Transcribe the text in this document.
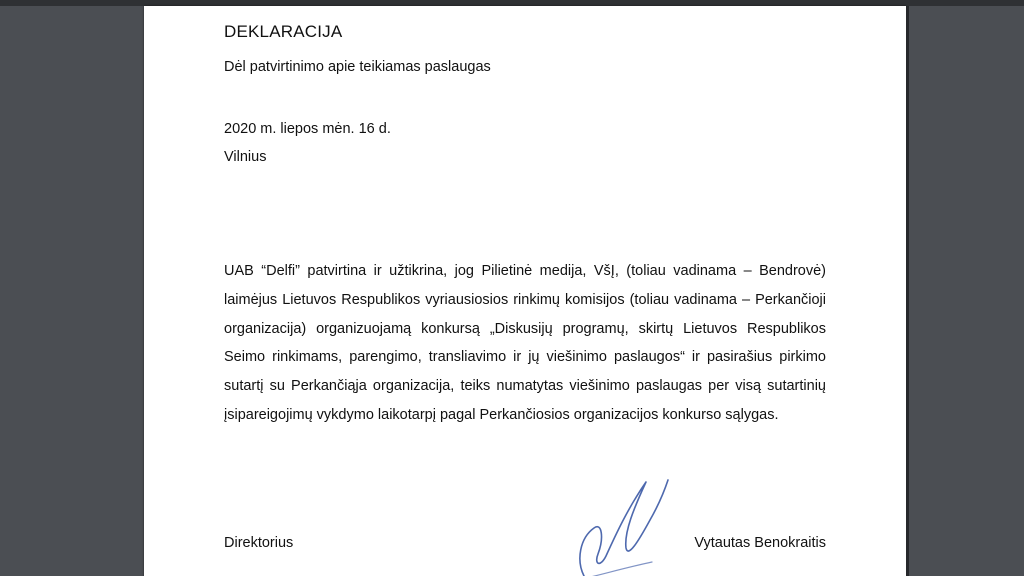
DEKLARACIJA
Dėl patvirtinimo apie teikiamas paslaugas
2020 m. liepos mėn. 16 d.
Vilnius

UAB “Delfi” patvirtina ir užtikrina, jog Pilietinė medija, VšĮ, (toliau vadinama – Bendrovė) laimėjus Lietuvos Respublikos vyriausiosios rinkimų komisijos (toliau vadinama – Perkančioji organizacija) organizuojamą konkursą „Diskusijų programų, skirtų Lietuvos Respublikos Seimo rinkimams, parengimo, transliavimo ir jų viešinimo paslaugos“ ir pasirašius pirkimo sutartį su Perkančiąja organizacija, teiks numatytas viešinimo paslaugas per visą sutartinių įsipareigojimų vykdymo laikotarpį pagal Perkančiosios organizacijos konkurso sąlygas.

Direktorius	Vytautas Benokraitis
